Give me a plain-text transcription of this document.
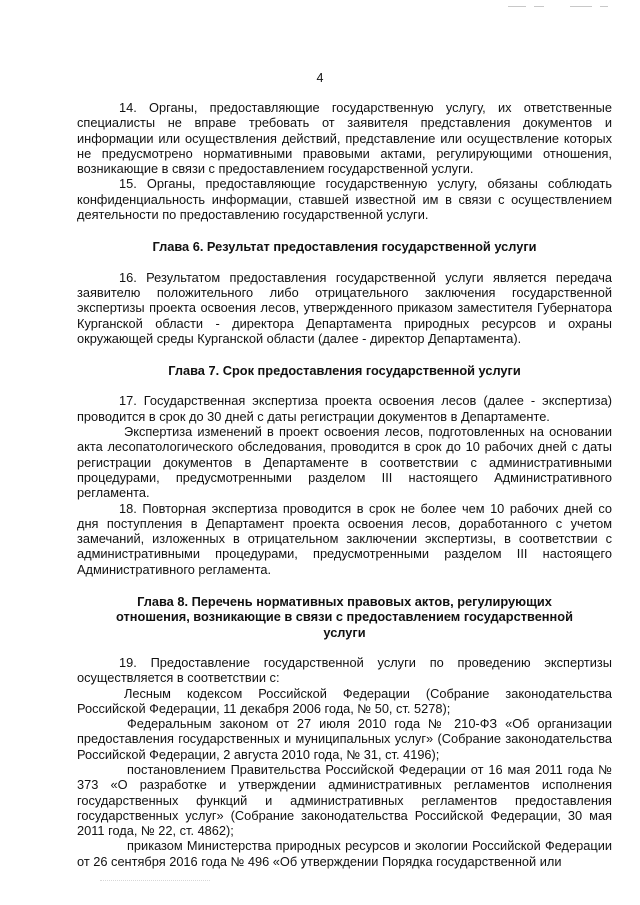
4

14. Органы, предоставляющие государственную услугу, их ответственные специалисты не вправе требовать от заявителя представления документов и информации или осуществления действий, представление или осуществление которых не предусмотрено нормативными правовыми актами, регулирующими отношения, возникающие в связи с предоставлением государственной услуги.

15. Органы, предоставляющие государственную услугу, обязаны соблюдать конфиденциальность информации, ставшей известной им в связи с осуществлением деятельности по предоставлению государственной услуги.

Глава 6. Результат предоставления государственной услуги

16. Результатом предоставления государственной услуги является передача заявителю положительного либо отрицательного заключения государственной экспертизы проекта освоения лесов, утвержденного приказом заместителя Губернатора Курганской области - директора Департамента природных ресурсов и охраны окружающей среды Курганской области (далее - директор Департамента).

Глава 7. Срок предоставления государственной услуги

17. Государственная экспертиза проекта освоения лесов (далее - экспертиза) проводится в срок до 30 дней с даты регистрации документов в Департаменте.

Экспертиза изменений в проект освоения лесов, подготовленных на основании акта лесопатологического обследования, проводится в срок до 10 рабочих дней с даты регистрации документов в Департаменте в соответствии с административными процедурами, предусмотренными разделом III настоящего Административного регламента.

18. Повторная экспертиза проводится в срок не более чем 10 рабочих дней со дня поступления в Департамент проекта освоения лесов, доработанного с учетом замечаний, изложенных в отрицательном заключении экспертизы, в соответствии с административными процедурами, предусмотренными разделом III настоящего Административного регламента.

Глава 8. Перечень нормативных правовых актов, регулирующих отношения, возникающие в связи с предоставлением государственной услуги

19. Предоставление государственной услуги по проведению экспертизы осуществляется в соответствии с:

Лесным кодексом Российской Федерации (Собрание законодательства Российской Федерации, 11 декабря 2006 года, № 50, ст. 5278);

Федеральным законом от 27 июля 2010 года № 210-ФЗ «Об организации предоставления государственных и муниципальных услуг» (Собрание законодательства Российской Федерации, 2 августа 2010 года, № 31, ст. 4196);

постановлением Правительства Российской Федерации от 16 мая 2011 года № 373 «О разработке и утверждении административных регламентов исполнения государственных функций и административных регламентов предоставления государственных услуг» (Собрание законодательства Российской Федерации, 30 мая 2011 года, № 22, ст. 4862);

приказом Министерства природных ресурсов и экологии Российской Федерации от 26 сентября 2016 года № 496 «Об утверждении Порядка государственной или
